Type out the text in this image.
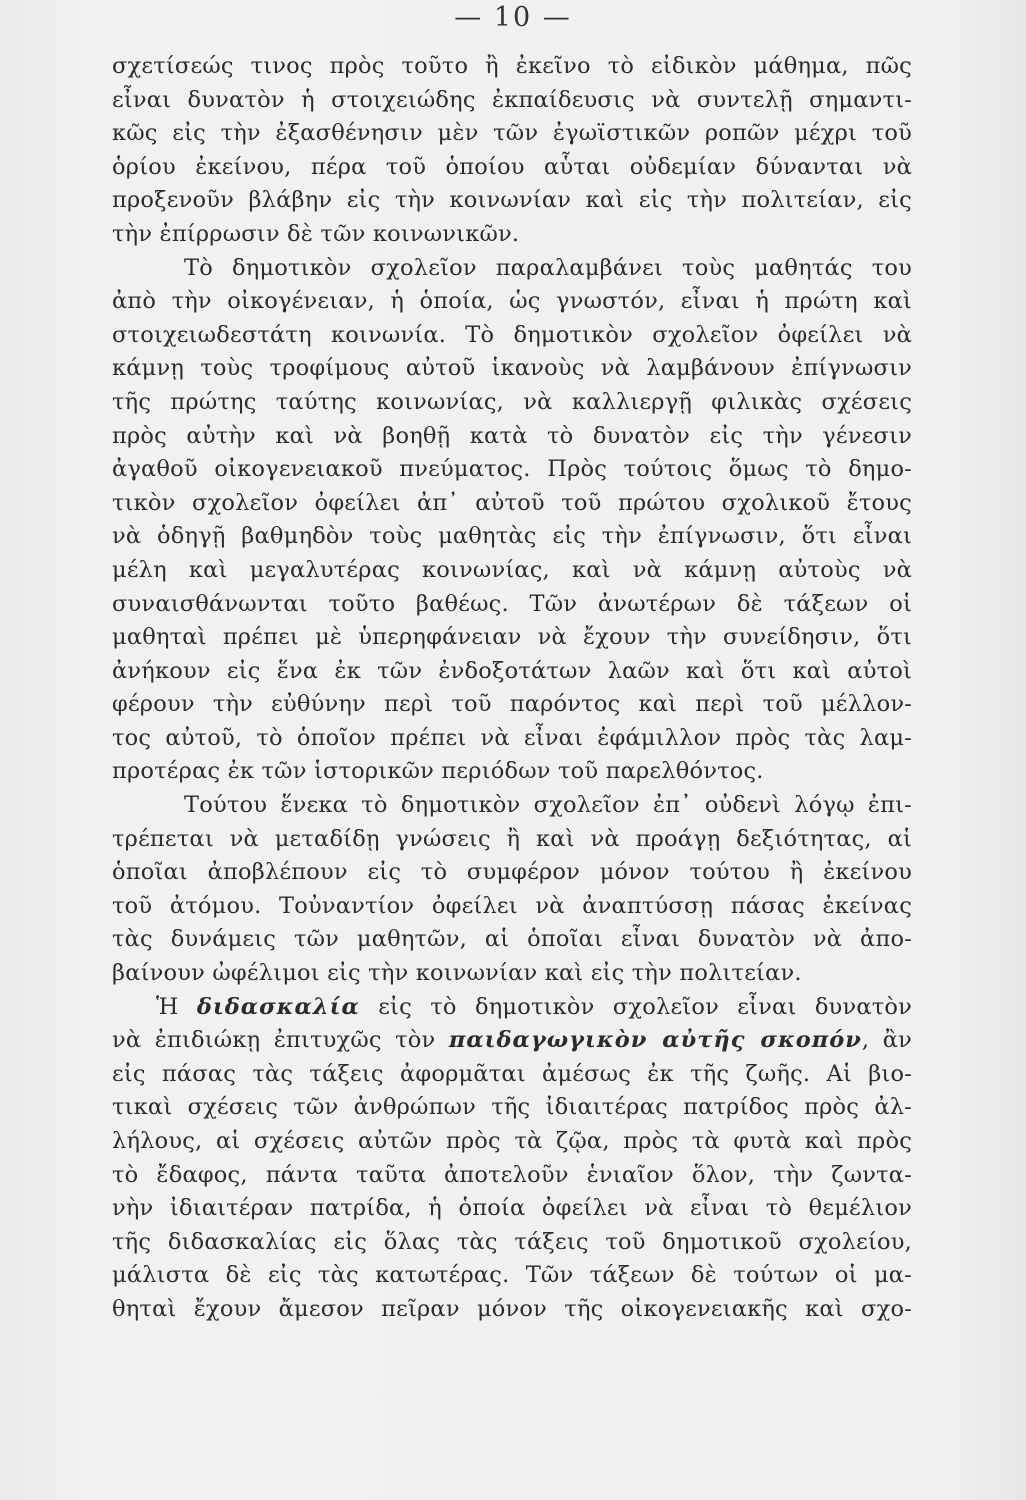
— 10 —
σχετίσεώς τινος πρὸς τοῦτο ἢ ἐκεῖνο τὸ εἰδικὸν μάθημα, πῶς
εἶναι δυνατὸν ἡ στοιχειώδης ἐκπαίδευσις νὰ συντελῇ σημαντι-
κῶς εἰς τὴν ἐξασθένησιν μὲν τῶν ἐγωϊστικῶν ροπῶν μέχρι τοῦ
ὁρίου ἐκείνου, πέρα τοῦ ὁποίου αὗται οὐδεμίαν δύνανται νὰ
προξενοῦν βλάβην εἰς τὴν κοινωνίαν καὶ εἰς τὴν πολιτείαν, εἰς
τὴν ἐπίρρωσιν δὲ τῶν κοινωνικῶν.
Τὸ δημοτικὸν σχολεῖον παραλαμβάνει τοὺς μαθητάς του
ἀπὸ τὴν οἰκογένειαν, ἡ ὁποία, ὡς γνωστόν, εἶναι ἡ πρώτη καὶ
στοιχειωδεστάτη κοινωνία. Τὸ δημοτικὸν σχολεῖον ὀφείλει νὰ
κάμνῃ τοὺς τροφίμους αὐτοῦ ἱκανοὺς νὰ λαμβάνουν ἐπίγνωσιν
τῆς πρώτης ταύτης κοινωνίας, νὰ καλλιεργῇ φιλικὰς σχέσεις
πρὸς αὐτὴν καὶ νὰ βοηθῇ κατὰ τὸ δυνατὸν εἰς τὴν γένεσιν
ἀγαθοῦ οἰκογενειακοῦ πνεύματος. Πρὸς τούτοις ὅμως τὸ δημο-
τικὸν σχολεῖον ὀφείλει ἀπ᾿ αὐτοῦ τοῦ πρώτου σχολικοῦ ἔτους
νὰ ὁδηγῇ βαθμηδὸν τοὺς μαθητὰς εἰς τὴν ἐπίγνωσιν, ὅτι εἶναι
μέλη καὶ μεγαλυτέρας κοινωνίας, καὶ νὰ κάμνῃ αὐτοὺς νὰ
συναισθάνωνται τοῦτο βαθέως. Τῶν ἀνωτέρων δὲ τάξεων οἱ
μαθηταὶ πρέπει μὲ ὑπερηφάνειαν νὰ ἔχουν τὴν συνείδησιν, ὅτι
ἀνήκουν εἰς ἕνα ἐκ τῶν ἐνδοξοτάτων λαῶν καὶ ὅτι καὶ αὐτοὶ
φέρουν τὴν εὐθύνην περὶ τοῦ παρόντος καὶ περὶ τοῦ μέλλον-
τος αὐτοῦ, τὸ ὁποῖον πρέπει νὰ εἶναι ἐφάμιλλον πρὸς τὰς λαμ-
προτέρας ἐκ τῶν ἱστορικῶν περιόδων τοῦ παρελθόντος.
Τούτου ἕνεκα τὸ δημοτικὸν σχολεῖον ἐπ᾿ οὐδενὶ λόγῳ ἐπι-
τρέπεται νὰ μεταδίδῃ γνώσεις ἢ καὶ νὰ προάγῃ δεξιότητας, αἱ
ὁποῖαι ἀποβλέπουν εἰς τὸ συμφέρον μόνον τούτου ἢ ἐκείνου
τοῦ ἀτόμου. Τοὐναντίον ὀφείλει νὰ ἀναπτύσσῃ πάσας ἐκείνας
τὰς δυνάμεις τῶν μαθητῶν, αἱ ὁποῖαι εἶναι δυνατὸν νὰ ἀπο-
βαίνουν ὠφέλιμοι εἰς τὴν κοινωνίαν καὶ εἰς τὴν πολιτείαν.
Ἡ διδασκαλία εἰς τὸ δημοτικὸν σχολεῖον εἶναι δυνατὸν
νὰ ἐπιδιώκῃ ἐπιτυχῶς τὸν παιδαγωγικὸν αὐτῆς σκοπόν, ἂν
εἰς πάσας τὰς τάξεις ἀφορμᾶται ἀμέσως ἐκ τῆς ζωῆς. Αἱ βιο-
τικαὶ σχέσεις τῶν ἀνθρώπων τῆς ἰδιαιτέρας πατρίδος πρὸς ἀλ-
λήλους, αἱ σχέσεις αὐτῶν πρὸς τὰ ζῷα, πρὸς τὰ φυτὰ καὶ πρὸς
τὸ ἔδαφος, πάντα ταῦτα ἀποτελοῦν ἑνιαῖον ὅλον, τὴν ζωντα-
νὴν ἰδιαιτέραν πατρίδα, ἡ ὁποία ὀφείλει νὰ εἶναι τὸ θεμέλιον
τῆς διδασκαλίας εἰς ὅλας τὰς τάξεις τοῦ δημοτικοῦ σχολείου,
μάλιστα δὲ εἰς τὰς κατωτέρας. Τῶν τάξεων δὲ τούτων οἱ μα-
θηταὶ ἔχουν ἄμεσον πεῖραν μόνον τῆς οἰκογενειακῆς καὶ σχο-
